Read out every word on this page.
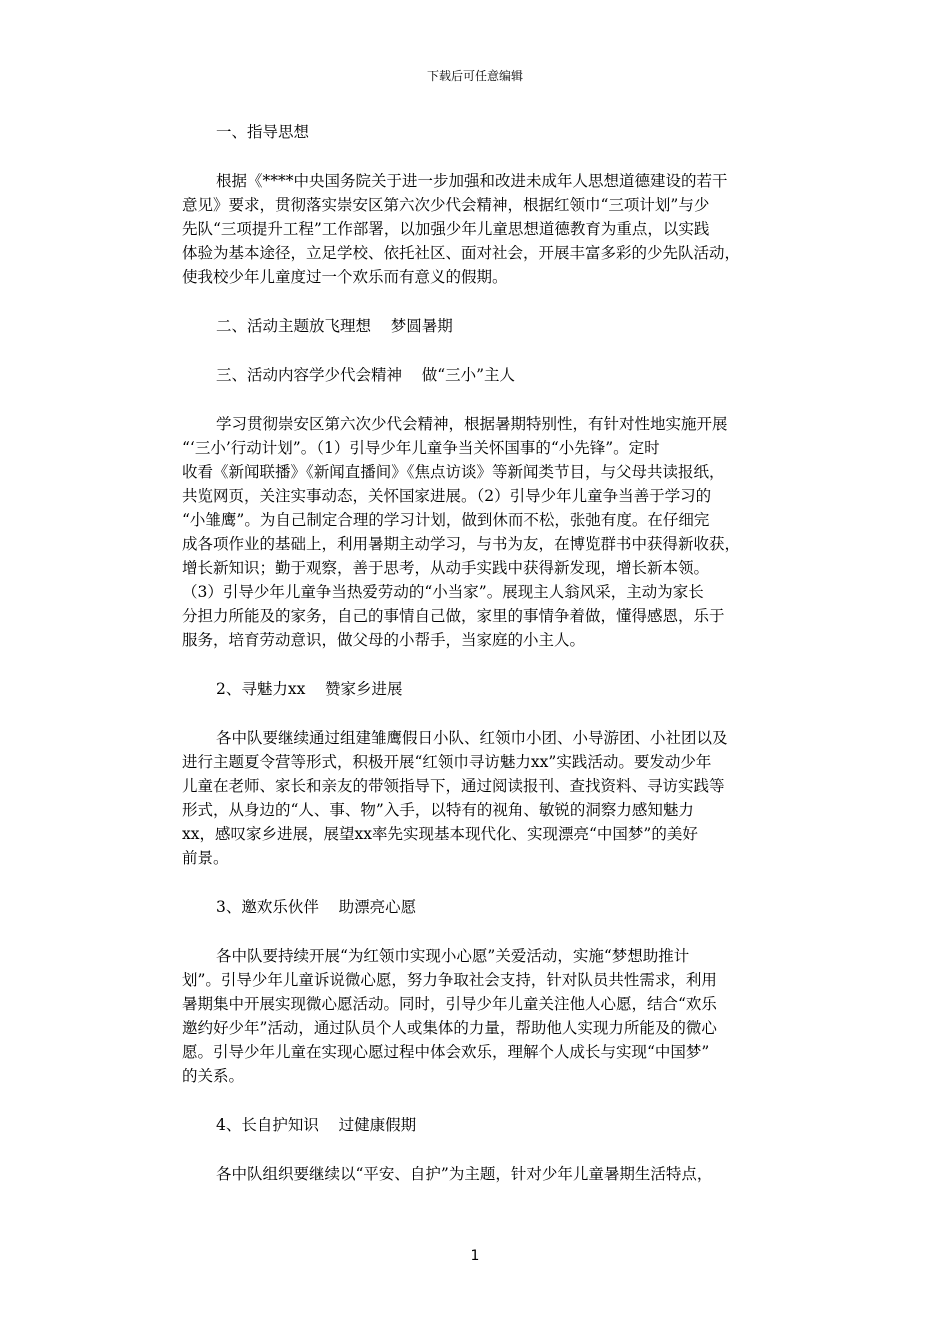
下载后可任意编辑
一、指导思想
根据《****中央国务院关于进一步加强和改进未成年人思想道德建设的若干
意见》要求，贯彻落实崇安区第六次少代会精神，根据红领巾“三项计划”与少
先队“三项提升工程”工作部署，以加强少年儿童思想道德教育为重点，以实践
体验为基本途径，立足学校、依托社区、面对社会，开展丰富多彩的少先队活动，
使我校少年儿童度过一个欢乐而有意义的假期。
二、活动主题放飞理想    梦圆暑期
三、活动内容学少代会精神    做“三小”主人
学习贯彻崇安区第六次少代会精神，根据暑期特别性，有针对性地实施开展
“‘三小’行动计划”。（1）引导少年儿童争当关怀国事的“小先锋”。定时
收看《新闻联播》《新闻直播间》《焦点访谈》等新闻类节目，与父母共读报纸，
共览网页，关注实事动态，关怀国家进展。（2）引导少年儿童争当善于学习的
“小雏鹰”。为自己制定合理的学习计划，做到休而不松，张弛有度。在仔细完
成各项作业的基础上，利用暑期主动学习，与书为友，在博览群书中获得新收获，
增长新知识；勤于观察，善于思考，从动手实践中获得新发现，增长新本领。
（3）引导少年儿童争当热爱劳动的“小当家”。展现主人翁风采，主动为家长
分担力所能及的家务，自己的事情自己做，家里的事情争着做，懂得感恩，乐于
服务，培育劳动意识，做父母的小帮手，当家庭的小主人。
2、寻魅力xx    赞家乡进展
各中队要继续通过组建雏鹰假日小队、红领巾小团、小导游团、小社团以及
进行主题夏令营等形式，积极开展“红领巾寻访魅力xx”实践活动。要发动少年
儿童在老师、家长和亲友的带领指导下，通过阅读报刊、查找资料、寻访实践等
形式，从身边的“人、事、物”入手，以特有的视角、敏锐的洞察力感知魅力
xx，感叹家乡进展，展望xx率先实现基本现代化、实现漂亮“中国梦”的美好
前景。
3、邀欢乐伙伴    助漂亮心愿
各中队要持续开展“为红领巾实现小心愿”关爱活动，实施“梦想助推计
划”。引导少年儿童诉说微心愿，努力争取社会支持，针对队员共性需求，利用
暑期集中开展实现微心愿活动。同时，引导少年儿童关注他人心愿，结合“欢乐
邀约好少年”活动，通过队员个人或集体的力量，帮助他人实现力所能及的微心
愿。引导少年儿童在实现心愿过程中体会欢乐，理解个人成长与实现“中国梦”
的关系。
4、长自护知识    过健康假期
各中队组织要继续以“平安、自护”为主题，针对少年儿童暑期生活特点，
1
